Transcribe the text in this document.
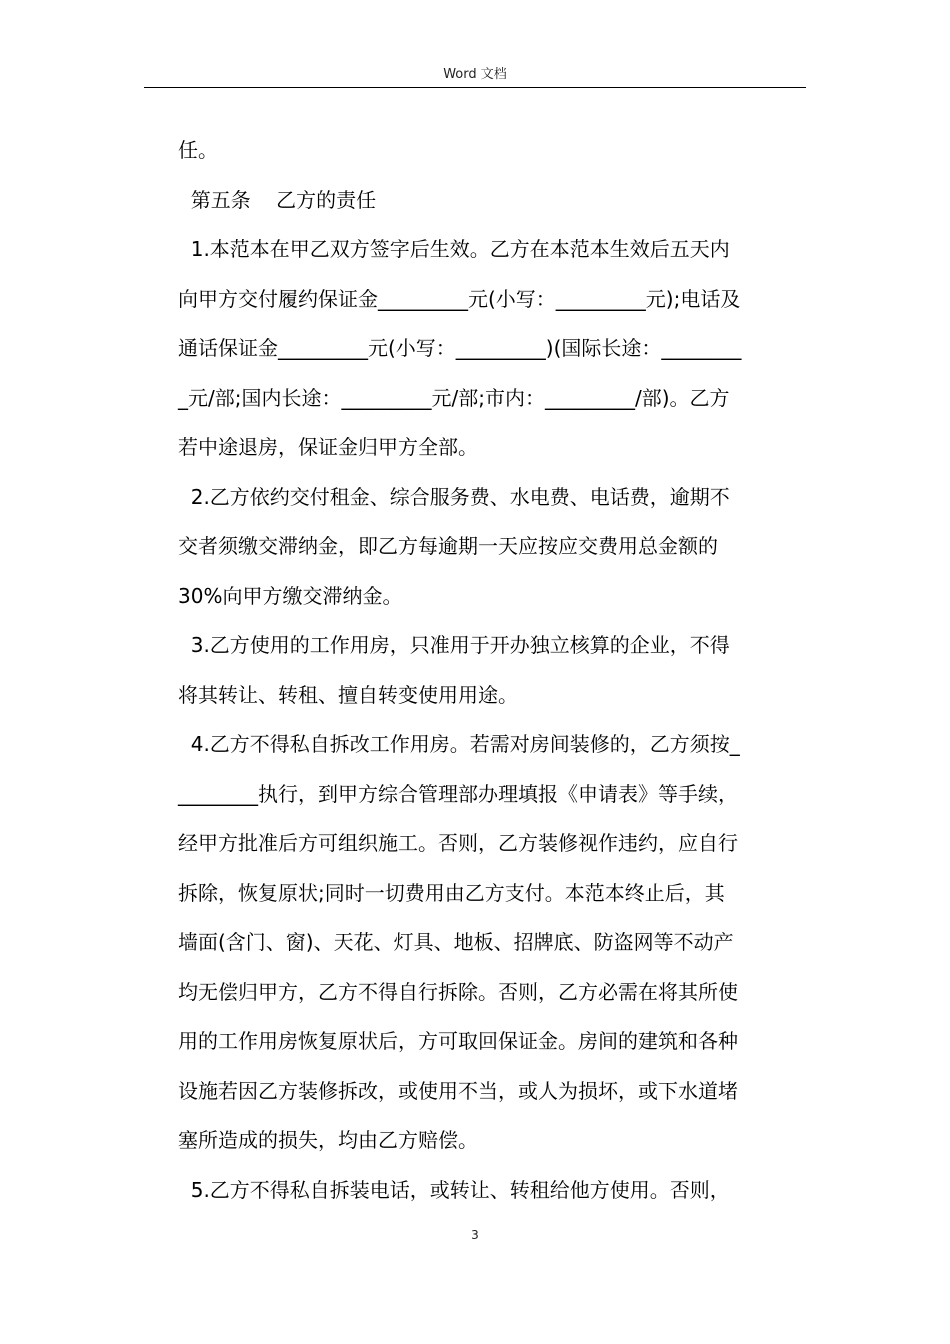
Word 文档
任。
第五条    乙方的责任
1.本范本在甲乙双方签字后生效。乙方在本范本生效后五天内
向甲方交付履约保证金_________元(小写：_________元);电话及
通话保证金_________元(小写：_________)(国际长途：________
_元/部;国内长途：_________元/部;市内：_________/部)。乙方
若中途退房，保证金归甲方全部。
2.乙方依约交付租金、综合服务费、水电费、电话费，逾期不
交者须缴交滞纳金，即乙方每逾期一天应按应交费用总金额的
30%向甲方缴交滞纳金。
3.乙方使用的工作用房，只准用于开办独立核算的企业，不得
将其转让、转租、擅自转变使用用途。
4.乙方不得私自拆改工作用房。若需对房间装修的，乙方须按_
________执行，到甲方综合管理部办理填报《申请表》等手续，
经甲方批准后方可组织施工。否则，乙方装修视作违约，应自行
拆除，恢复原状;同时一切费用由乙方支付。本范本终止后，其
墙面(含门、窗)、天花、灯具、地板、招牌底、防盗网等不动产
均无偿归甲方，乙方不得自行拆除。否则，乙方必需在将其所使
用的工作用房恢复原状后，方可取回保证金。房间的建筑和各种
设施若因乙方装修拆改，或使用不当，或人为损坏，或下水道堵
塞所造成的损失，均由乙方赔偿。
5.乙方不得私自拆装电话，或转让、转租给他方使用。否则，
3
